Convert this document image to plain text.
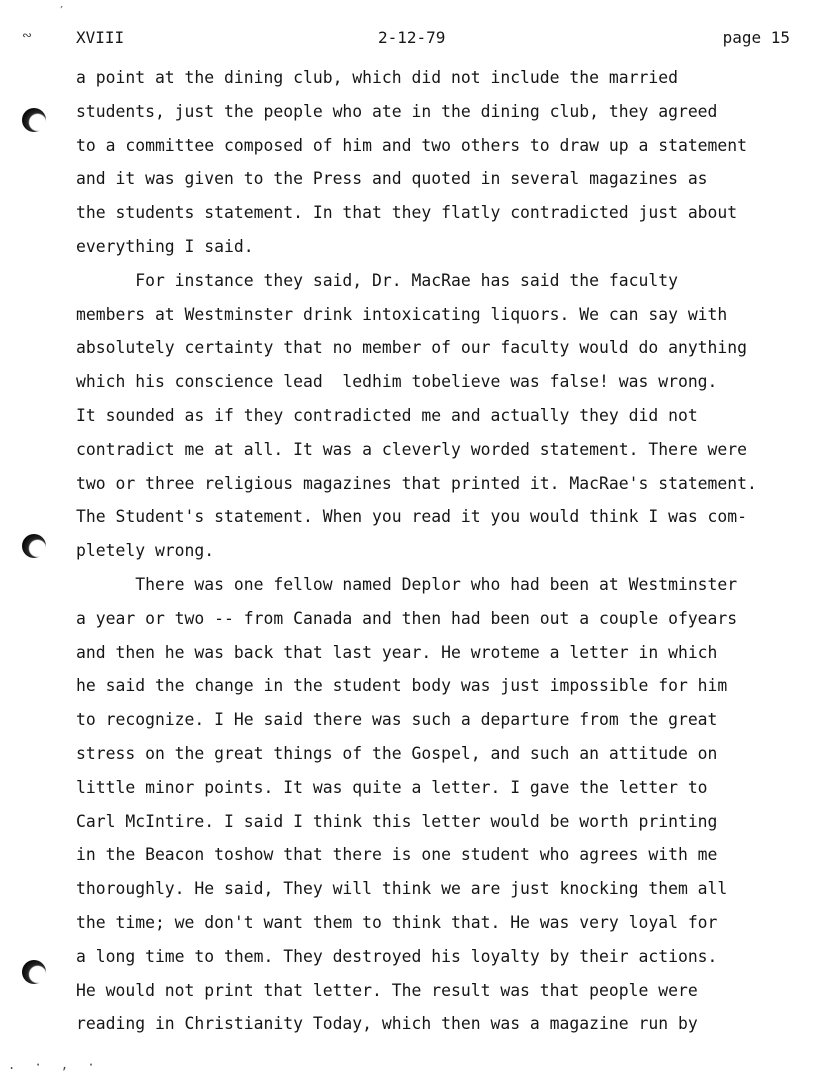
′
∾	XVIII	2-12-79	page 15
a point at the dining club, which did not include the married
students, just the people who ate in the dining club, they agreed
to a committee composed of him and two others to draw up a statement
and it was given to the Press and quoted in several magazines as
the students statement. In that they flatly contradicted just about
everything I said.
For instance they said, Dr. MacRae has said the faculty
members at Westminster drink intoxicating liquors. We can say with
absolutely certainty that no member of our faculty would do anything
which his conscience lead  ledhim tobelieve was false! was wrong.
It sounded as if they contradicted me and actually they did not
contradict me at all. It was a cleverly worded statement. There were
two or three religious magazines that printed it. MacRae's statement.
The Student's statement. When you read it you would think I was com-
pletely wrong.
There was one fellow named Deplor who had been at Westminster
a year or two -- from Canada and then had been out a couple ofyears
and then he was back that last year. He wroteme a letter in which
he said the change in the student body was just impossible for him
to recognize. I He said there was such a departure from the great
stress on the great things of the Gospel, and such an attitude on
little minor points. It was quite a letter. I gave the letter to
Carl McIntire. I said I think this letter would be worth printing
in the Beacon toshow that there is one student who agrees with me
thoroughly. He said, They will think we are just knocking them all
the time; we don't want them to think that. He was very loyal for
a long time to them. They destroyed his loyalty by their actions.
He would not print that letter. The result was that people were
reading in Christianity Today, which then was a magazine run by
. · , ·
